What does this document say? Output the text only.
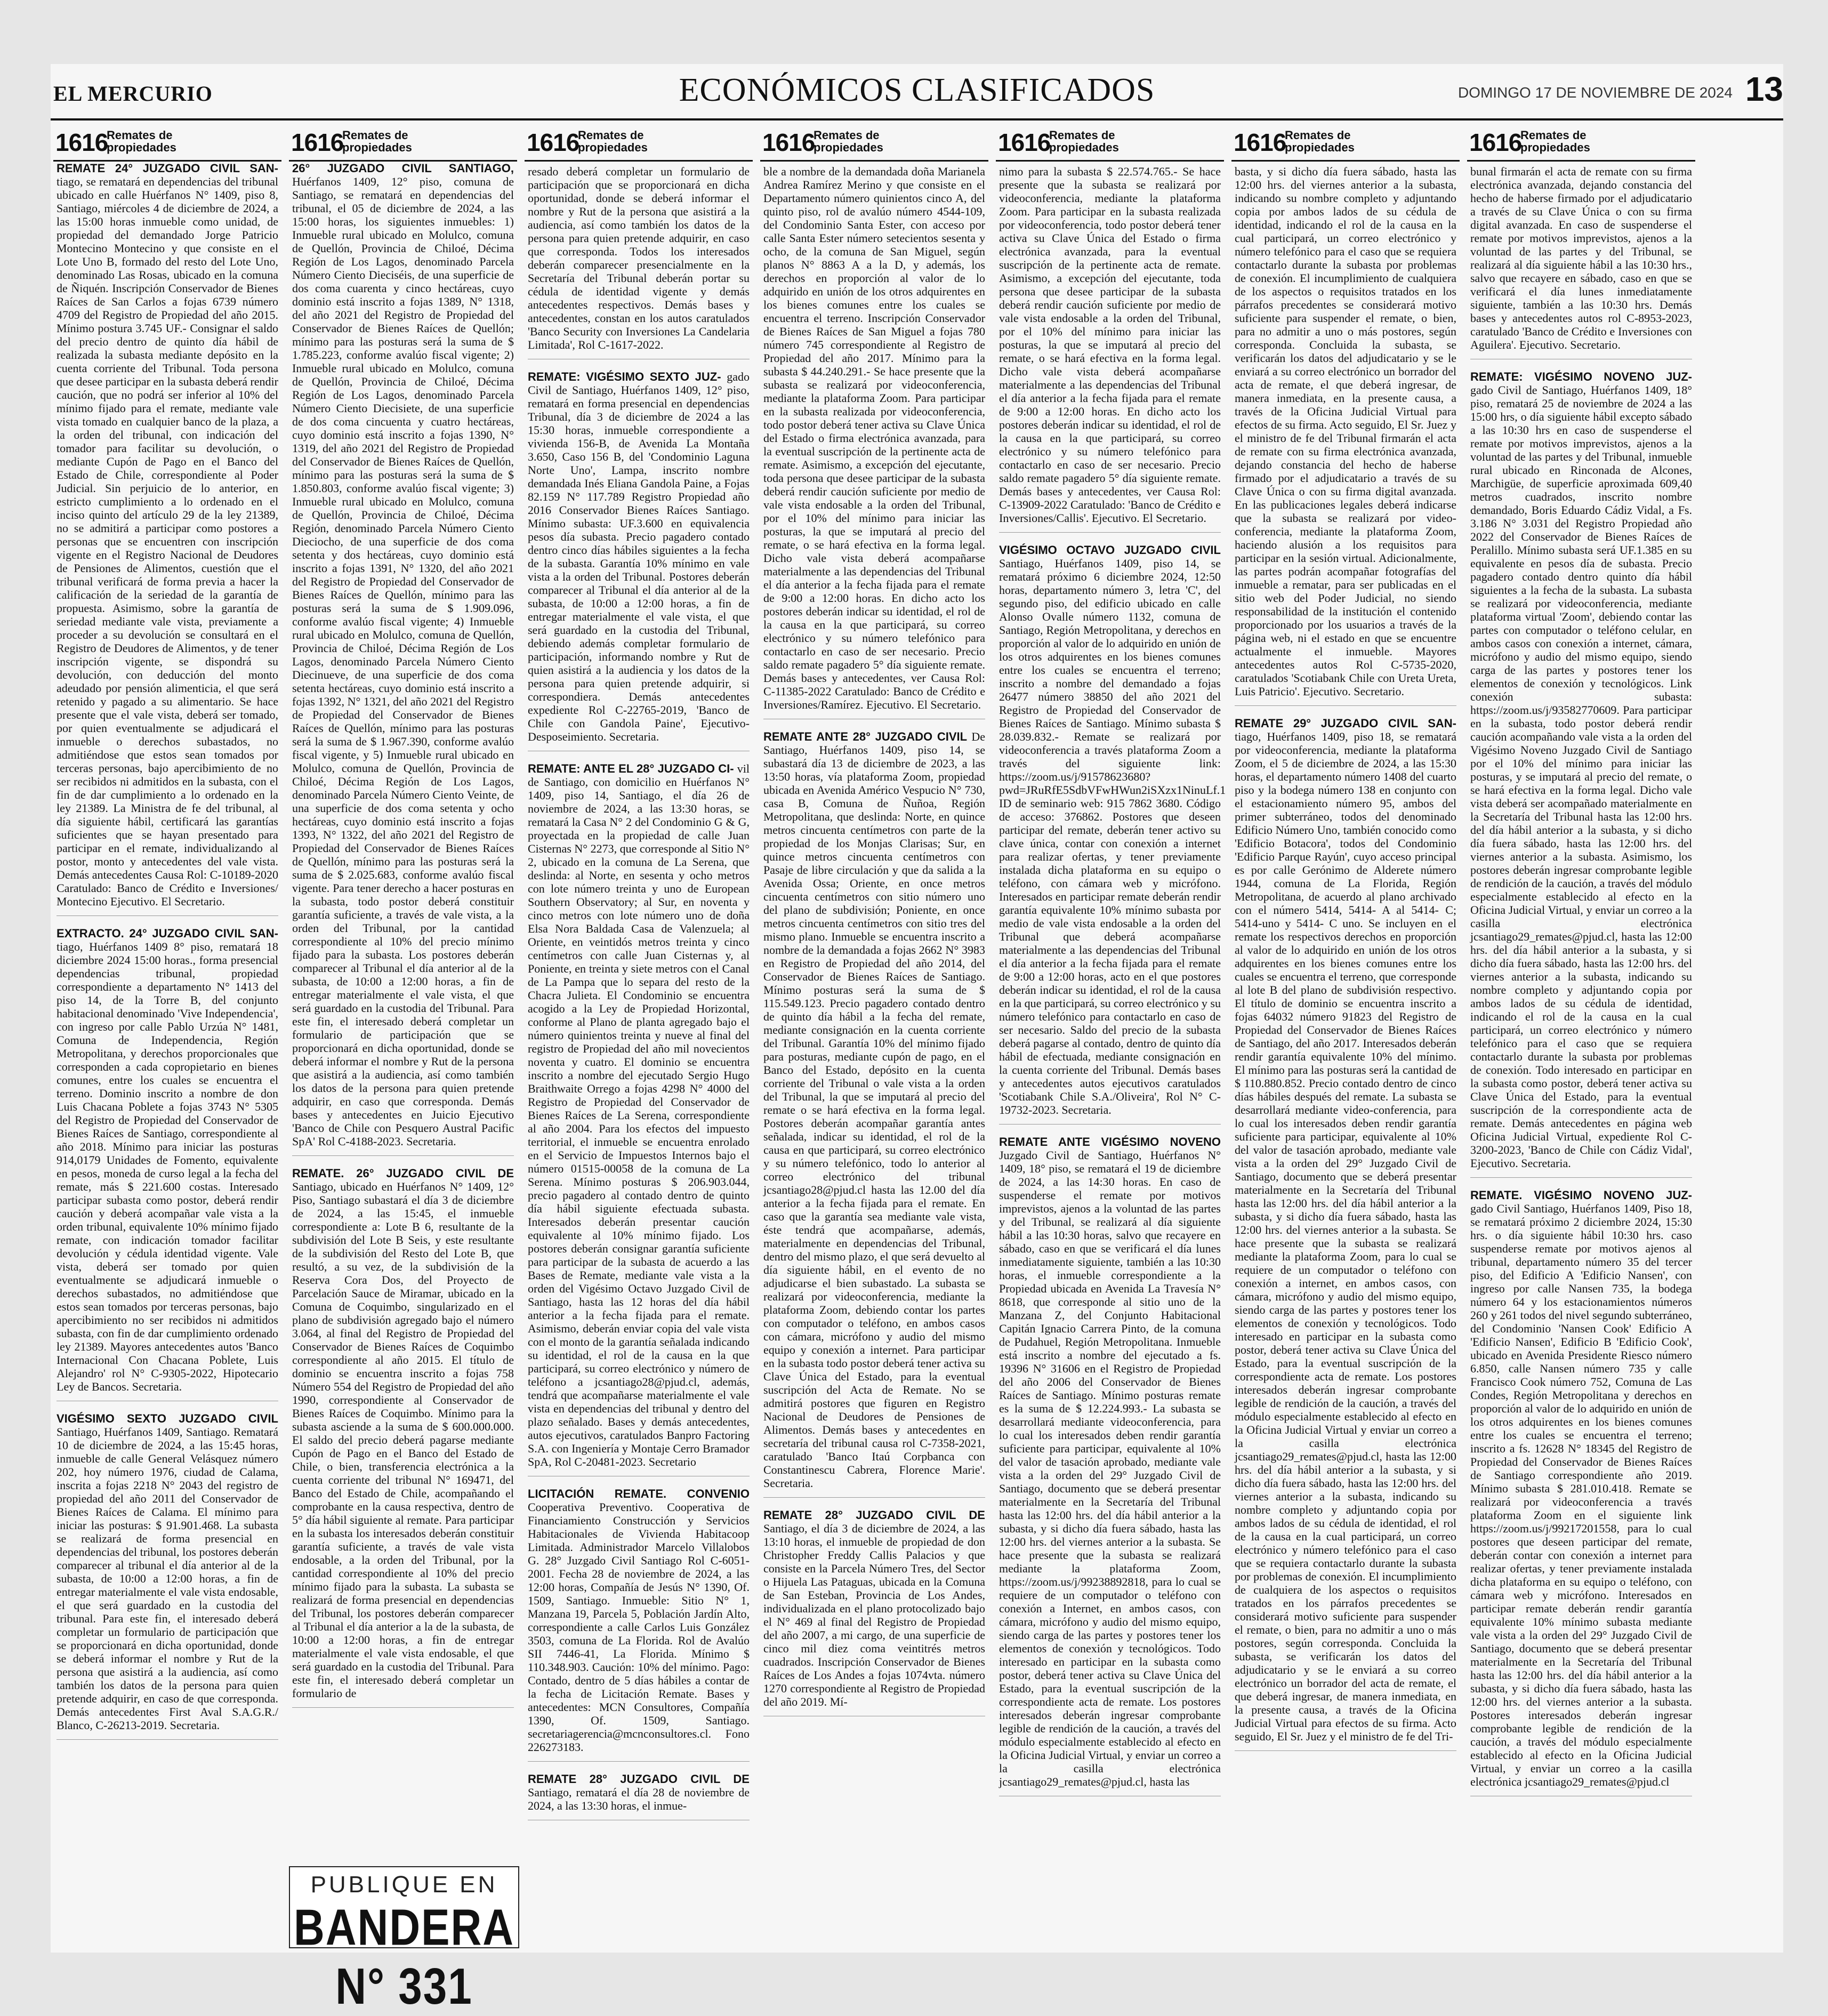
EL MERCURIO	ECONÓMICOS CLASIFICADOS	DOMINGO 17 DE NOVIEMBRE DE 2024 13
1616
Remates de
propiedades
REMATE 24° JUZGADO CIVIL SAN- tiago, se rematará en dependencias del tribunal ubicado en calle Huérfanos N° 1409, piso 8, Santiago, miércoles 4 de diciembre de 2024, a las 15:00 horas inmueble como unidad, de propiedad del demandado Jorge Patricio Montecino Montecino y que consiste en el Lote Uno B, formado del resto del Lote Uno, denominado Las Rosas, ubicado en la comuna de Ñiquén. Inscripción Conservador de Bienes Raíces de San Carlos a fojas 6739 número 4709 del Registro de Propiedad del año 2015. Mínimo postura 3.745 UF.- Consignar el saldo del precio dentro de quinto día hábil de realizada la subasta mediante depósito en la cuenta corriente del Tribunal. Toda persona que desee participar en la subasta deberá rendir caución, que no podrá ser inferior al 10% del mínimo fijado para el remate, mediante vale vista tomado en cualquier banco de la plaza, a la orden del tribunal, con indicación del tomador para facilitar su devolución, o mediante Cupón de Pago en el Banco del Estado de Chile, correspondiente al Poder Judicial. Sin perjuicio de lo anterior, en estricto cumplimiento a lo ordenado en el inciso quinto del artículo 29 de la ley 21389, no se admitirá a participar como postores a personas que se encuentren con inscripción vigente en el Registro Nacional de Deudores de Pensiones de Alimentos, cuestión que el tribunal verificará de forma previa a hacer la calificación de la seriedad de la garantía de propuesta. Asimismo, sobre la garantía de seriedad mediante vale vista, previamente a proceder a su devolución se consultará en el Registro de Deudores de Alimentos, y de tener inscripción vigente, se dispondrá su devolución, con deducción del monto adeudado por pensión alimenticia, el que será retenido y pagado a su alimentario. Se hace presente que el vale vista, deberá ser tomado, por quien eventualmente se adjudicará el inmueble o derechos subastados, no admitiéndose que estos sean tomados por terceras personas, bajo apercibimiento de no ser recibidos ni admitidos en la subasta, con el fin de dar cumplimiento a lo ordenado en la ley 21389. La Ministra de fe del tribunal, al día siguiente hábil, certificará las garantías suficientes que se hayan presentado para participar en el remate, individualizando al postor, monto y antecedentes del vale vista. Demás antecedentes Causa Rol: C-10189-2020 Caratulado: Banco de Crédito e Inversiones/ Montecino Ejecutivo. El Secretario.
EXTRACTO. 24° JUZGADO CIVIL SAN- tiago, Huérfanos 1409 8° piso, rematará 18 diciembre 2024 15:00 horas., forma presencial dependencias tribunal, propiedad correspondiente a departamento N° 1413 del piso 14, de la Torre B, del conjunto habitacional denominado 'Vive Independencia', con ingreso por calle Pablo Urzúa N° 1481, Comuna de Independencia, Región Metropolitana, y derechos proporcionales que corresponden a cada copropietario en bienes comunes, entre los cuales se encuentra el terreno. Dominio inscrito a nombre de don Luis Chacana Poblete a fojas 3743 N° 5305 del Registro de Propiedad del Conservador de Bienes Raíces de Santiago, correspondiente al año 2018. Mínimo para iniciar las posturas 914,0179 Unidades de Fomento, equivalente en pesos, moneda de curso legal a la fecha del remate, más $ 221.600 costas. Interesado participar subasta como postor, deberá rendir caución y deberá acompañar vale vista a la orden tribunal, equivalente 10% mínimo fijado remate, con indicación tomador facilitar devolución y cédula identidad vigente. Vale vista, deberá ser tomado por quien eventualmente se adjudicará inmueble o derechos subastados, no admitiéndose que estos sean tomados por terceras personas, bajo apercibimiento no ser recibidos ni admitidos subasta, con fin de dar cumplimiento ordenado ley 21389. Mayores antecedentes autos 'Banco Internacional Con Chacana Poblete, Luis Alejandro' rol N° C-9305-2022, Hipotecario Ley de Bancos. Secretaria.
VIGÉSIMO SEXTO JUZGADO CIVIL Santiago, Huérfanos 1409, Santiago. Rematará 10 de diciembre de 2024, a las 15:45 horas, inmueble de calle General Velásquez número 202, hoy número 1976, ciudad de Calama, inscrita a fojas 2218 N° 2043 del registro de propiedad del año 2011 del Conservador de Bienes Raíces de Calama. El mínimo para iniciar las posturas: $ 91.901.468. La subasta se realizará de forma presencial en dependencias del tribunal, los postores deberán comparecer al tribunal el día anterior al de la subasta, de 10:00 a 12:00 horas, a fin de entregar materialmente el vale vista endosable, el que será guardado en la custodia del tribunal. Para este fin, el interesado deberá completar un formulario de participación que se proporcionará en dicha oportunidad, donde se deberá informar el nombre y Rut de la persona que asistirá a la audiencia, así como también los datos de la persona para quien pretende adquirir, en caso de que corresponda. Demás antecedentes First Aval S.A.G.R./ Blanco, C-26213-2019. Secretaria.
1616
Remates de
propiedades
26° JUZGADO CIVIL SANTIAGO, Huérfanos 1409, 12° piso, comuna de Santiago, se rematará en dependencias del tribunal, el 05 de diciembre de 2024, a las 15:00 horas, los siguientes inmuebles: 1) Inmueble rural ubicado en Molulco, comuna de Quellón, Provincia de Chiloé, Décima Región de Los Lagos, denominado Parcela Número Ciento Dieciséis, de una superficie de dos coma cuarenta y cinco hectáreas, cuyo dominio está inscrito a fojas 1389, N° 1318, del año 2021 del Registro de Propiedad del Conservador de Bienes Raíces de Quellón; mínimo para las posturas será la suma de $ 1.785.223, conforme avalúo fiscal vigente; 2) Inmueble rural ubicado en Molulco, comuna de Quellón, Provincia de Chiloé, Décima Región de Los Lagos, denominado Parcela Número Ciento Diecisiete, de una superficie de dos coma cincuenta y cuatro hectáreas, cuyo dominio está inscrito a fojas 1390, N° 1319, del año 2021 del Registro de Propiedad del Conservador de Bienes Raíces de Quellón, mínimo para las posturas será la suma de $ 1.850.803, conforme avalúo fiscal vigente; 3) Inmueble rural ubicado en Molulco, comuna de Quellón, Provincia de Chiloé, Décima Región, denominado Parcela Número Ciento Dieciocho, de una superficie de dos coma setenta y dos hectáreas, cuyo dominio está inscrito a fojas 1391, N° 1320, del año 2021 del Registro de Propiedad del Conservador de Bienes Raíces de Quellón, mínimo para las posturas será la suma de $ 1.909.096, conforme avalúo fiscal vigente; 4) Inmueble rural ubicado en Molulco, comuna de Quellón, Provincia de Chiloé, Décima Región de Los Lagos, denominado Parcela Número Ciento Diecinueve, de una superficie de dos coma setenta hectáreas, cuyo dominio está inscrito a fojas 1392, N° 1321, del año 2021 del Registro de Propiedad del Conservador de Bienes Raíces de Quellón, mínimo para las posturas será la suma de $ 1.967.390, conforme avalúo fiscal vigente, y 5) Inmueble rural ubicado en Molulco, comuna de Quellón, Provincia de Chiloé, Décima Región de Los Lagos, denominado Parcela Número Ciento Veinte, de una superficie de dos coma setenta y ocho hectáreas, cuyo dominio está inscrito a fojas 1393, N° 1322, del año 2021 del Registro de Propiedad del Conservador de Bienes Raíces de Quellón, mínimo para las posturas será la suma de $ 2.025.683, conforme avalúo fiscal vigente. Para tener derecho a hacer posturas en la subasta, todo postor deberá constituir garantía suficiente, a través de vale vista, a la orden del Tribunal, por la cantidad correspondiente al 10% del precio mínimo fijado para la subasta. Los postores deberán comparecer al Tribunal el día anterior al de la subasta, de 10:00 a 12:00 horas, a fin de entregar materialmente el vale vista, el que será guardado en la custodia del Tribunal. Para este fin, el interesado deberá completar un formulario de participación que se proporcionará en dicha oportunidad, donde se deberá informar el nombre y Rut de la persona que asistirá a la audiencia, así como también los datos de la persona para quien pretende adquirir, en caso que corresponda. Demás bases y antecedentes en Juicio Ejecutivo 'Banco de Chile con Pesquero Austral Pacific SpA' Rol C-4188-2023. Secretaria.
REMATE. 26° JUZGADO CIVIL DE Santiago, ubicado en Huérfanos N° 1409, 12° Piso, Santiago subastará el día 3 de diciembre de 2024, a las 15:45, el inmueble correspondiente a: Lote B 6, resultante de la subdivisión del Lote B Seis, y este resultante de la subdivisión del Resto del Lote B, que resultó, a su vez, de la subdivisión de la Reserva Cora Dos, del Proyecto de Parcelación Sauce de Miramar, ubicado en la Comuna de Coquimbo, singularizado en el plano de subdivisión agregado bajo el número 3.064, al final del Registro de Propiedad del Conservador de Bienes Raíces de Coquimbo correspondiente al año 2015. El título de dominio se encuentra inscrito a fojas 758 Número 554 del Registro de Propiedad del año 1990, correspondiente al Conservador de Bienes Raíces de Coquimbo. Mínimo para la subasta asciende a la suma de $ 600.000.000. El saldo del precio deberá pagarse mediante Cupón de Pago en el Banco del Estado de Chile, o bien, transferencia electrónica a la cuenta corriente del tribunal N° 169471, del Banco del Estado de Chile, acompañando el comprobante en la causa respectiva, dentro de 5° día hábil siguiente al remate. Para participar en la subasta los interesados deberán constituir garantía suficiente, a través de vale vista endosable, a la orden del Tribunal, por la cantidad correspondiente al 10% del precio mínimo fijado para la subasta. La subasta se realizará de forma presencial en dependencias del Tribunal, los postores deberán comparecer al Tribunal el día anterior a la de la subasta, de 10:00 a 12:00 horas, a fin de entregar materialmente el vale vista endosable, el que será guardado en la custodia del Tribunal. Para este fin, el interesado deberá completar un formulario de
PUBLIQUE EN
BANDERA N° 331
1616
Remates de
propiedades
resado deberá completar un formulario de participación que se proporcionará en dicha oportunidad, donde se deberá informar el nombre y Rut de la persona que asistirá a la audiencia, así como también los datos de la persona para quien pretende adquirir, en caso que corresponda. Todos los interesados deberán comparecer presencialmente en la Secretaría del Tribunal deberán portar su cédula de identidad vigente y demás antecedentes respectivos. Demás bases y antecedentes, constan en los autos caratulados 'Banco Security con Inversiones La Candelaria Limitada', Rol C-1617-2022.
REMATE: VIGÉSIMO SEXTO JUZ- gado Civil de Santiago, Huérfanos 1409, 12° piso, rematará en forma presencial en dependencias Tribunal, día 3 de diciembre de 2024 a las 15:30 horas, inmueble correspondiente a vivienda 156-B, de Avenida La Montaña 3.650, Caso 156 B, del 'Condominio Laguna Norte Uno', Lampa, inscrito nombre demandada Inés Eliana Gandola Paine, a Fojas 82.159 N° 117.789 Registro Propiedad año 2016 Conservador Bienes Raíces Santiago. Mínimo subasta: UF.3.600 en equivalencia pesos día subasta. Precio pagadero contado dentro cinco días hábiles siguientes a la fecha de la subasta. Garantía 10% mínimo en vale vista a la orden del Tribunal. Postores deberán comparecer al Tribunal el día anterior al de la subasta, de 10:00 a 12:00 horas, a fin de entregar materialmente el vale vista, el que será guardado en la custodia del Tribunal, debiendo además completar formulario de participación, informando nombre y Rut de quien asistirá a la audiencia y los datos de la persona para quien pretende adquirir, si correspondiera. Demás antecedentes expediente Rol C-22765-2019, 'Banco de Chile con Gandola Paine', Ejecutivo-Desposeimiento. Secretaria.
REMATE: ANTE EL 28° JUZGADO CI- vil de Santiago, con domicilio en Huérfanos N° 1409, piso 14, Santiago, el día 26 de noviembre de 2024, a las 13:30 horas, se rematará la Casa N° 2 del Condominio G & G, proyectada en la propiedad de calle Juan Cisternas N° 2273, que corresponde al Sitio N° 2, ubicado en la comuna de La Serena, que deslinda: al Norte, en sesenta y ocho metros con lote número treinta y uno de European Southern Observatory; al Sur, en noventa y cinco metros con lote número uno de doña Elsa Nora Baldada Casa de Valenzuela; al Oriente, en veintidós metros treinta y cinco centímetros con calle Juan Cisternas y, al Poniente, en treinta y siete metros con el Canal de La Pampa que lo separa del resto de la Chacra Julieta. El Condominio se encuentra acogido a la Ley de Propiedad Horizontal, conforme al Plano de planta agregado bajo el número quinientos treinta y nueve al final del registro de Propiedad del año mil novecientos noventa y cuatro. El dominio se encuentra inscrito a nombre del ejecutado Sergio Hugo Braithwaite Orrego a fojas 4298 N° 4000 del Registro de Propiedad del Conservador de Bienes Raíces de La Serena, correspondiente al año 2004. Para los efectos del impuesto territorial, el inmueble se encuentra enrolado en el Servicio de Impuestos Internos bajo el número 01515-00058 de la comuna de La Serena. Mínimo posturas $ 206.903.044, precio pagadero al contado dentro de quinto día hábil siguiente efectuada subasta. Interesados deberán presentar caución equivalente al 10% mínimo fijado. Los postores deberán consignar garantía suficiente para participar de la subasta de acuerdo a las Bases de Remate, mediante vale vista a la orden del Vigésimo Octavo Juzgado Civil de Santiago, hasta las 12 horas del día hábil anterior a la fecha fijada para el remate. Asimismo, deberán enviar copia del vale vista con el monto de la garantía señalada indicando su identidad, el rol de la causa en la que participará, su correo electrónico y número de teléfono a jcsantiago28@pjud.cl, además, tendrá que acompañarse materialmente el vale vista en dependencias del tribunal y dentro del plazo señalado. Bases y demás antecedentes, autos ejecutivos, caratulados Banpro Factoring S.A. con Ingeniería y Montaje Cerro Bramador SpA, Rol C-20481-2023. Secretario
LICITACIÓN REMATE. CONVENIO Cooperativa Preventivo. Cooperativa de Financiamiento Construcción y Servicios Habitacionales de Vivienda Habitacoop Limitada. Administrador Marcelo Villalobos G. 28° Juzgado Civil Santiago Rol C-6051-2001. Fecha 28 de noviembre de 2024, a las 12:00 horas, Compañía de Jesús N° 1390, Of. 1509, Santiago. Inmueble: Sitio N° 1, Manzana 19, Parcela 5, Población Jardín Alto, correspondiente a calle Carlos Luis González 3503, comuna de La Florida. Rol de Avalúo SII 7446-41, La Florida. Mínimo $ 110.348.903. Caución: 10% del mínimo. Pago: Contado, dentro de 5 días hábiles a contar de la fecha de Licitación Remate. Bases y antecedentes: MCN Consultores, Compañía 1390, Of. 1509, Santiago. secretariagerencia@mcnconsultores.cl. Fono 226273183.
REMATE 28° JUZGADO CIVIL DE Santiago, rematará el día 28 de noviembre de 2024, a las 13:30 horas, el inmue-
1616
Remates de
propiedades
ble a nombre de la demandada doña Marianela Andrea Ramírez Merino y que consiste en el Departamento número quinientos cinco A, del quinto piso, rol de avalúo número 4544-109, del Condominio Santa Ester, con acceso por calle Santa Ester número setecientos sesenta y ocho, de la comuna de San Miguel, según planos N° 8863 A a la D, y además, los derechos en proporción al valor de lo adquirido en unión de los otros adquirentes en los bienes comunes entre los cuales se encuentra el terreno. Inscripción Conservador de Bienes Raíces de San Miguel a fojas 780 número 745 correspondiente al Registro de Propiedad del año 2017. Mínimo para la subasta $ 44.240.291.- Se hace presente que la subasta se realizará por videoconferencia, mediante la plataforma Zoom. Para participar en la subasta realizada por videoconferencia, todo postor deberá tener activa su Clave Única del Estado o firma electrónica avanzada, para la eventual suscripción de la pertinente acta de remate. Asimismo, a excepción del ejecutante, toda persona que desee participar de la subasta deberá rendir caución suficiente por medio de vale vista endosable a la orden del Tribunal, por el 10% del mínimo para iniciar las posturas, la que se imputará al precio del remate, o se hará efectiva en la forma legal. Dicho vale vista deberá acompañarse materialmente a las dependencias del Tribunal el día anterior a la fecha fijada para el remate de 9:00 a 12:00 horas. En dicho acto los postores deberán indicar su identidad, el rol de la causa en la que participará, su correo electrónico y su número telefónico para contactarlo en caso de ser necesario. Precio saldo remate pagadero 5° día siguiente remate. Demás bases y antecedentes, ver Causa Rol: C-11385-2022 Caratulado: Banco de Crédito e Inversiones/Ramírez. Ejecutivo. El Secretario.
REMATE ANTE 28° JUZGADO CIVIL De Santiago, Huérfanos 1409, piso 14, se subastará día 13 de diciembre de 2023, a las 13:50 horas, vía plataforma Zoom, propiedad ubicada en Avenida Américo Vespucio N° 730, casa B, Comuna de Ñuñoa, Región Metropolitana, que deslinda: Norte, en quince metros cincuenta centímetros con parte de la propiedad de los Monjas Clarisas; Sur, en quince metros cincuenta centímetros con Pasaje de libre circulación y que da salida a la Avenida Ossa; Oriente, en once metros cincuenta centímetros con sitio número uno del plano de subdivisión; Poniente, en once metros cincuenta centímetros con sitio tres del mismo plano. Inmueble se encuentra inscrito a nombre de la demandada a fojas 2662 N° 3983 en Registro de Propiedad del año 2014, del Conservador de Bienes Raíces de Santiago. Mínimo posturas será la suma de $ 115.549.123. Precio pagadero contado dentro de quinto día hábil a la fecha del remate, mediante consignación en la cuenta corriente del Tribunal. Garantía 10% del mínimo fijado para posturas, mediante cupón de pago, en el Banco del Estado, depósito en la cuenta corriente del Tribunal o vale vista a la orden del Tribunal, la que se imputará al precio del remate o se hará efectiva en la forma legal. Postores deberán acompañar garantía antes señalada, indicar su identidad, el rol de la causa en que participará, su correo electrónico y su número telefónico, todo lo anterior al correo electrónico del tribunal jcsantiago28@pjud.cl hasta las 12.00 del día anterior a la fecha fijada para el remate. En caso que la garantía sea mediante vale vista, éste tendrá que acompañarse, además, materialmente en dependencias del Tribunal, dentro del mismo plazo, el que será devuelto al día siguiente hábil, en el evento de no adjudicarse el bien subastado. La subasta se realizará por videoconferencia, mediante la plataforma Zoom, debiendo contar los partes con computador o teléfono, en ambos casos con cámara, micrófono y audio del mismo equipo y conexión a internet. Para participar en la subasta todo postor deberá tener activa su Clave Única del Estado, para la eventual suscripción del Acta de Remate. No se admitirá postores que figuren en Registro Nacional de Deudores de Pensiones de Alimentos. Demás bases y antecedentes en secretaría del tribunal causa rol C-7358-2021, caratulado 'Banco Itaú Corpbanca con Constantinescu Cabrera, Florence Marie'. Secretaria.
REMATE 28° JUZGADO CIVIL DE Santiago, el día 3 de diciembre de 2024, a las 13:10 horas, el inmueble de propiedad de don Christopher Freddy Callis Palacios y que consiste en la Parcela Número Tres, del Sector o Hijuela Las Pataguas, ubicada en la Comuna de San Esteban, Provincia de Los Andes, individualizada en el plano protocolizado bajo el N° 469 al final del Registro de Propiedad del año 2007, a mi cargo, de una superficie de cinco mil diez coma veintitrés metros cuadrados. Inscripción Conservador de Bienes Raíces de Los Andes a fojas 1074vta. número 1270 correspondiente al Registro de Propiedad del año 2019. Mí-
1616
Remates de
propiedades
nimo para la subasta $ 22.574.765.- Se hace presente que la subasta se realizará por videoconferencia, mediante la plataforma Zoom. Para participar en la subasta realizada por videoconferencia, todo postor deberá tener activa su Clave Única del Estado o firma electrónica avanzada, para la eventual suscripción de la pertinente acta de remate. Asimismo, a excepción del ejecutante, toda persona que desee participar de la subasta deberá rendir caución suficiente por medio de vale vista endosable a la orden del Tribunal, por el 10% del mínimo para iniciar las posturas, la que se imputará al precio del remate, o se hará efectiva en la forma legal. Dicho vale vista deberá acompañarse materialmente a las dependencias del Tribunal el día anterior a la fecha fijada para el remate de 9:00 a 12:00 horas. En dicho acto los postores deberán indicar su identidad, el rol de la causa en la que participará, su correo electrónico y su número telefónico para contactarlo en caso de ser necesario. Precio saldo remate pagadero 5° día siguiente remate. Demás bases y antecedentes, ver Causa Rol: C-13909-2022 Caratulado: 'Banco de Crédito e Inversiones/Callis'. Ejecutivo. El Secretario.
VIGÉSIMO OCTAVO JUZGADO CIVIL Santiago, Huérfanos 1409, piso 14, se rematará próximo 6 diciembre 2024, 12:50 horas, departamento número 3, letra 'C', del segundo piso, del edificio ubicado en calle Alonso Ovalle número 1132, comuna de Santiago, Región Metropolitana, y derechos en proporción al valor de lo adquirido en unión de los otros adquirentes en los bienes comunes entre los cuales se encuentra el terreno; inscrito a nombre del demandado a fojas 26477 número 38850 del año 2021 del Registro de Propiedad del Conservador de Bienes Raíces de Santiago. Mínimo subasta $ 28.039.832.- Remate se realizará por videoconferencia a través plataforma Zoom a través del siguiente link: https://zoom.us/j/91578623680?pwd=JRuRfE5SdbVFwHWun2iSXzx1NinuLf.1 ID de seminario web: 915 7862 3680. Código de acceso: 376862. Postores que deseen participar del remate, deberán tener activo su clave única, contar con conexión a internet para realizar ofertas, y tener previamente instalada dicha plataforma en su equipo o teléfono, con cámara web y micrófono. Interesados en participar remate deberán rendir garantía equivalente 10% mínimo subasta por medio de vale vista endosable a la orden del Tribunal que deberá acompañarse materialmente a las dependencias del Tribunal el día anterior a la fecha fijada para el remate de 9:00 a 12:00 horas, acto en el que postores deberán indicar su identidad, el rol de la causa en la que participará, su correo electrónico y su número telefónico para contactarlo en caso de ser necesario. Saldo del precio de la subasta deberá pagarse al contado, dentro de quinto día hábil de efectuada, mediante consignación en la cuenta corriente del Tribunal. Demás bases y antecedentes autos ejecutivos caratulados 'Scotiabank Chile S.A./Oliveira', Rol N° C-19732-2023. Secretaria.
REMATE ANTE VIGÉSIMO NOVENO Juzgado Civil de Santiago, Huérfanos N° 1409, 18° piso, se rematará el 19 de diciembre de 2024, a las 14:30 horas. En caso de suspenderse el remate por motivos imprevistos, ajenos a la voluntad de las partes y del Tribunal, se realizará al día siguiente hábil a las 10:30 horas, salvo que recayere en sábado, caso en que se verificará el día lunes inmediatamente siguiente, también a las 10:30 horas, el inmueble correspondiente a la Propiedad ubicada en Avenida La Travesía N° 8618, que corresponde al sitio uno de la Manzana Z, del Conjunto Habitacional Capitán Ignacio Carrera Pinto, de la comuna de Pudahuel, Región Metropolitana. Inmueble está inscrito a nombre del ejecutado a fs. 19396 N° 31606 en el Registro de Propiedad del año 2006 del Conservador de Bienes Raíces de Santiago. Mínimo posturas remate es la suma de $ 12.224.993.- La subasta se desarrollará mediante videoconferencia, para lo cual los interesados deben rendir garantía suficiente para participar, equivalente al 10% del valor de tasación aprobado, mediante vale vista a la orden del 29° Juzgado Civil de Santiago, documento que se deberá presentar materialmente en la Secretaría del Tribunal hasta las 12:00 hrs. del día hábil anterior a la subasta, y si dicho día fuera sábado, hasta las 12:00 hrs. del viernes anterior a la subasta. Se hace presente que la subasta se realizará mediante la plataforma Zoom, https://zoom.us/j/99238892818, para lo cual se requiere de un computador o teléfono con conexión a Internet, en ambos casos, con cámara, micrófono y audio del mismo equipo, siendo carga de las partes y postores tener los elementos de conexión y tecnológicos. Todo interesado en participar en la subasta como postor, deberá tener activa su Clave Única del Estado, para la eventual suscripción de la correspondiente acta de remate. Los postores interesados deberán ingresar comprobante legible de rendición de la caución, a través del módulo especialmente establecido al efecto en la Oficina Judicial Virtual, y enviar un correo a la casilla electrónica jcsantiago29_remates@pjud.cl, hasta las
1616
Remates de
propiedades
basta, y si dicho día fuera sábado, hasta las 12:00 hrs. del viernes anterior a la subasta, indicando su nombre completo y adjuntando copia por ambos lados de su cédula de identidad, indicando el rol de la causa en la cual participará, un correo electrónico y número telefónico para el caso que se requiera contactarlo durante la subasta por problemas de conexión. El incumplimiento de cualquiera de los aspectos o requisitos tratados en los párrafos precedentes se considerará motivo suficiente para suspender el remate, o bien, para no admitir a uno o más postores, según corresponda. Concluida la subasta, se verificarán los datos del adjudicatario y se le enviará a su correo electrónico un borrador del acta de remate, el que deberá ingresar, de manera inmediata, en la presente causa, a través de la Oficina Judicial Virtual para efectos de su firma. Acto seguido, El Sr. Juez y el ministro de fe del Tribunal firmarán el acta de remate con su firma electrónica avanzada, dejando constancia del hecho de haberse firmado por el adjudicatario a través de su Clave Única o con su firma digital avanzada. En las publicaciones legales deberá indicarse que la subasta se realizará por video-conferencia, mediante la plataforma Zoom, haciendo alusión a los requisitos para participar en la sesión virtual. Adicionalmente, las partes podrán acompañar fotografías del inmueble a rematar, para ser publicadas en el sitio web del Poder Judicial, no siendo responsabilidad de la institución el contenido proporcionado por los usuarios a través de la página web, ni el estado en que se encuentre actualmente el inmueble. Mayores antecedentes autos Rol C-5735-2020, caratulados 'Scotiabank Chile con Ureta Ureta, Luis Patricio'. Ejecutivo. Secretario.
REMATE 29° JUZGADO CIVIL SAN- tiago, Huérfanos 1409, piso 18, se rematará por videoconferencia, mediante la plataforma Zoom, el 5 de diciembre de 2024, a las 15:30 horas, el departamento número 1408 del cuarto piso y la bodega número 138 en conjunto con el estacionamiento número 95, ambos del primer subterráneo, todos del denominado Edificio Número Uno, también conocido como 'Edificio Botacora', todos del Condominio 'Edificio Parque Rayún', cuyo acceso principal es por calle Gerónimo de Alderete número 1944, comuna de La Florida, Región Metropolitana, de acuerdo al plano archivado con el número 5414, 5414- A al 5414- C; 5414-uno y 5414- C uno. Se incluyen en el remate los respectivos derechos en proporción al valor de lo adquirido en unión de los otros adquirentes en los bienes comunes entre los cuales se encuentra el terreno, que corresponde al lote B del plano de subdivisión respectivo. El título de dominio se encuentra inscrito a fojas 64032 número 91823 del Registro de Propiedad del Conservador de Bienes Raíces de Santiago, del año 2017. Interesados deberán rendir garantía equivalente 10% del mínimo. El mínimo para las posturas será la cantidad de $ 110.880.852. Precio contado dentro de cinco días hábiles después del remate. La subasta se desarrollará mediante video-conferencia, para lo cual los interesados deben rendir garantía suficiente para participar, equivalente al 10% del valor de tasación aprobado, mediante vale vista a la orden del 29° Juzgado Civil de Santiago, documento que se deberá presentar materialmente en la Secretaría del Tribunal hasta las 12:00 hrs. del día hábil anterior a la subasta, y si dicho día fuera sábado, hasta las 12:00 hrs. del viernes anterior a la subasta. Se hace presente que la subasta se realizará mediante la plataforma Zoom, para lo cual se requiere de un computador o teléfono con conexión a internet, en ambos casos, con cámara, micrófono y audio del mismo equipo, siendo carga de las partes y postores tener los elementos de conexión y tecnológicos. Todo interesado en participar en la subasta como postor, deberá tener activa su Clave Única del Estado, para la eventual suscripción de la correspondiente acta de remate. Los postores interesados deberán ingresar comprobante legible de rendición de la caución, a través del módulo especialmente establecido al efecto en la Oficina Judicial Virtual y enviar un correo a la casilla electrónica jcsantiago29_remates@pjud.cl, hasta las 12:00 hrs. del día hábil anterior a la subasta, y si dicho día fuera sábado, hasta las 12:00 hrs. del viernes anterior a la subasta, indicando su nombre completo y adjuntando copia por ambos lados de su cédula de identidad, el rol de la causa en la cual participará, un correo electrónico y número telefónico para el caso que se requiera contactarlo durante la subasta por problemas de conexión. El incumplimiento de cualquiera de los aspectos o requisitos tratados en los párrafos precedentes se considerará motivo suficiente para suspender el remate, o bien, para no admitir a uno o más postores, según corresponda. Concluida la subasta, se verificarán los datos del adjudicatario y se le enviará a su correo electrónico un borrador del acta de remate, el que deberá ingresar, de manera inmediata, en la presente causa, a través de la Oficina Judicial Virtual para efectos de su firma. Acto seguido, El Sr. Juez y el ministro de fe del Tri-
1616
Remates de
propiedades
bunal firmarán el acta de remate con su firma electrónica avanzada, dejando constancia del hecho de haberse firmado por el adjudicatario a través de su Clave Única o con su firma digital avanzada. En caso de suspenderse el remate por motivos imprevistos, ajenos a la voluntad de las partes y del Tribunal, se realizará al día siguiente hábil a las 10:30 hrs., salvo que recayere en sábado, caso en que se verificará el día lunes inmediatamente siguiente, también a las 10:30 hrs. Demás bases y antecedentes autos rol C-8953-2023, caratulado 'Banco de Crédito e Inversiones con Aguilera'. Ejecutivo. Secretario.
REMATE: VIGÉSIMO NOVENO JUZ- gado Civil de Santiago, Huérfanos 1409, 18° piso, rematará 25 de noviembre de 2024 a las 15:00 hrs, o día siguiente hábil excepto sábado a las 10:30 hrs en caso de suspenderse el remate por motivos imprevistos, ajenos a la voluntad de las partes y del Tribunal, inmueble rural ubicado en Rinconada de Alcones, Marchigüe, de superficie aproximada 609,40 metros cuadrados, inscrito nombre demandado, Boris Eduardo Cádiz Vidal, a Fs. 3.186 N° 3.031 del Registro Propiedad año 2022 del Conservador de Bienes Raíces de Peralillo. Mínimo subasta será UF.1.385 en su equivalente en pesos día de subasta. Precio pagadero contado dentro quinto día hábil siguientes a la fecha de la subasta. La subasta se realizará por videoconferencia, mediante plataforma virtual 'Zoom', debiendo contar las partes con computador o teléfono celular, en ambos casos con conexión a internet, cámara, micrófono y audio del mismo equipo, siendo carga de las partes y postores tener los elementos de conexión y tecnológicos. Link conexión subasta: https://zoom.us/j/93582770609. Para participar en la subasta, todo postor deberá rendir caución acompañando vale vista a la orden del Vigésimo Noveno Juzgado Civil de Santiago por el 10% del mínimo para iniciar las posturas, y se imputará al precio del remate, o se hará efectiva en la forma legal. Dicho vale vista deberá ser acompañado materialmente en la Secretaría del Tribunal hasta las 12:00 hrs. del día hábil anterior a la subasta, y si dicho día fuera sábado, hasta las 12:00 hrs. del viernes anterior a la subasta. Asimismo, los postores deberán ingresar comprobante legible de rendición de la caución, a través del módulo especialmente establecido al efecto en la Oficina Judicial Virtual, y enviar un correo a la casilla electrónica jcsantiago29_remates@pjud.cl, hasta las 12:00 hrs. del día hábil anterior a la subasta, y si dicho día fuera sábado, hasta las 12:00 hrs. del viernes anterior a la subasta, indicando su nombre completo y adjuntando copia por ambos lados de su cédula de identidad, indicando el rol de la causa en la cual participará, un correo electrónico y número telefónico para el caso que se requiera contactarlo durante la subasta por problemas de conexión. Todo interesado en participar en la subasta como postor, deberá tener activa su Clave Única del Estado, para la eventual suscripción de la correspondiente acta de remate. Demás antecedentes en página web Oficina Judicial Virtual, expediente Rol C-3200-2023, 'Banco de Chile con Cádiz Vidal', Ejecutivo. Secretaria.
REMATE. VIGÉSIMO NOVENO JUZ- gado Civil Santiago, Huérfanos 1409, Piso 18, se rematará próximo 2 diciembre 2024, 15:30 hrs. o día siguiente hábil 10:30 hrs. caso suspenderse remate por motivos ajenos al tribunal, departamento número 35 del tercer piso, del Edificio A 'Edificio Nansen', con ingreso por calle Nansen 735, la bodega número 64 y los estacionamientos números 260 y 261 todos del nivel segundo subterráneo, del Condominio 'Nansen Cook' Edificio A 'Edificio Nansen', Edificio B 'Edificio Cook', ubicado en Avenida Presidente Riesco número 6.850, calle Nansen número 735 y calle Francisco Cook número 752, Comuna de Las Condes, Región Metropolitana y derechos en proporción al valor de lo adquirido en unión de los otros adquirentes en los bienes comunes entre los cuales se encuentra el terreno; inscrito a fs. 12628 N° 18345 del Registro de Propiedad del Conservador de Bienes Raíces de Santiago correspondiente año 2019. Mínimo subasta $ 281.010.418. Remate se realizará por videoconferencia a través plataforma Zoom en el siguiente link https://zoom.us/j/99217201558, para lo cual postores que deseen participar del remate, deberán contar con conexión a internet para realizar ofertas, y tener previamente instalada dicha plataforma en su equipo o teléfono, con cámara web y micrófono. Interesados en participar remate deberán rendir garantía equivalente 10% mínimo subasta mediante vale vista a la orden del 29° Juzgado Civil de Santiago, documento que se deberá presentar materialmente en la Secretaría del Tribunal hasta las 12:00 hrs. del día hábil anterior a la subasta, y si dicho día fuera sábado, hasta las 12:00 hrs. del viernes anterior a la subasta. Postores interesados deberán ingresar comprobante legible de rendición de la caución, a través del módulo especialmente establecido al efecto en la Oficina Judicial Virtual, y enviar un correo a la casilla electrónica jcsantiago29_remates@pjud.cl
